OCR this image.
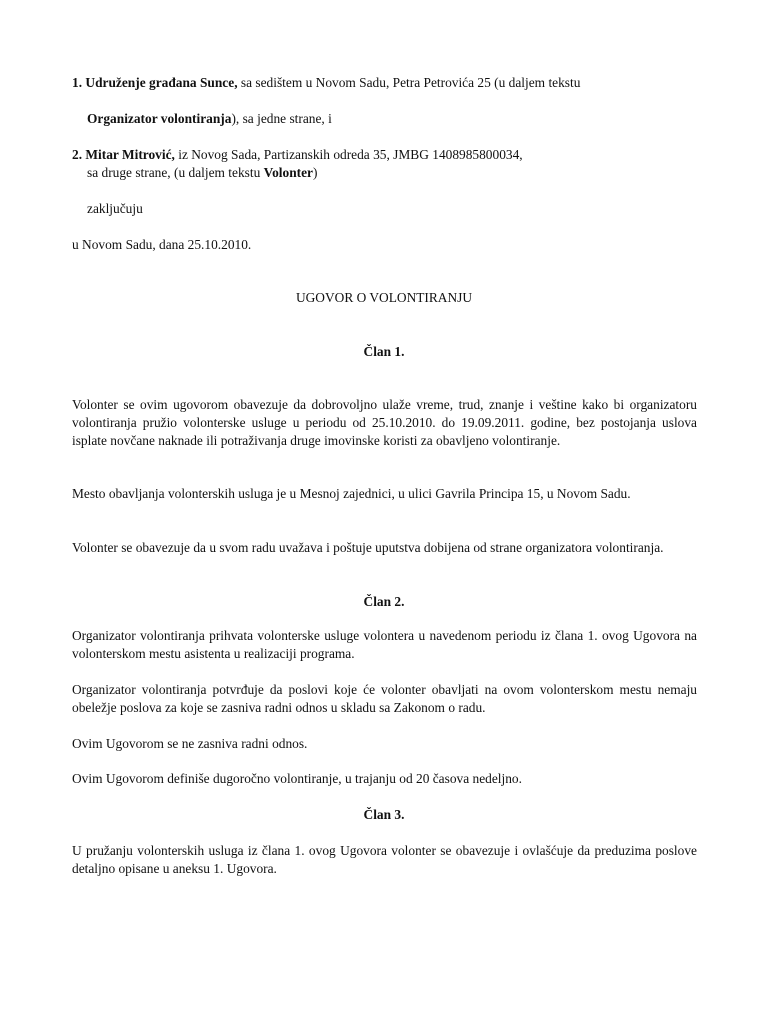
1. Udruženje građana Sunce, sa sedištem u Novom Sadu, Petra Petrovića 25 (u daljem tekstu
Organizator volontiranja), sa jedne strane, i
2. Mitar Mitrović, iz Novog Sada, Partizanskih odreda 35, JMBG 1408985800034,
sa druge strane, (u daljem tekstu Volonter)
zaključuju
u Novom Sadu, dana 25.10.2010.
UGOVOR O VOLONTIRANJU
Član 1.
Volonter se ovim ugovorom obavezuje da dobrovoljno ulaže vreme, trud, znanje i veštine kako bi organizatoru volontiranja pružio volonterske usluge u periodu od 25.10.2010. do 19.09.2011. godine, bez postojanja uslova isplate novčane naknade ili potraživanja druge imovinske koristi za obavljeno volontiranje.
Mesto obavljanja volonterskih usluga je u Mesnoj zajednici, u ulici Gavrila Principa 15, u Novom Sadu.
Volonter se obavezuje da u svom radu uvažava i poštuje uputstva dobijena od strane organizatora volontiranja.
Član 2.
Organizator volontiranja prihvata volonterske usluge volontera u navedenom periodu iz člana 1. ovog Ugovora na volonterskom mestu asistenta u realizaciji programa.
Organizator volontiranja potvrđuje da poslovi koje će volonter obavljati na ovom volonterskom mestu nemaju obeležje poslova za koje se zasniva radni odnos u skladu sa Zakonom o radu.
Ovim Ugovorom se ne zasniva radni odnos.
Ovim Ugovorom definiše dugoročno volontiranje, u trajanju od 20 časova nedeljno.
Član 3.
U pružanju volonterskih usluga iz člana 1. ovog Ugovora volonter se obavezuje i ovlašćuje da preduzima poslove detaljno opisane u aneksu 1. Ugovora.
